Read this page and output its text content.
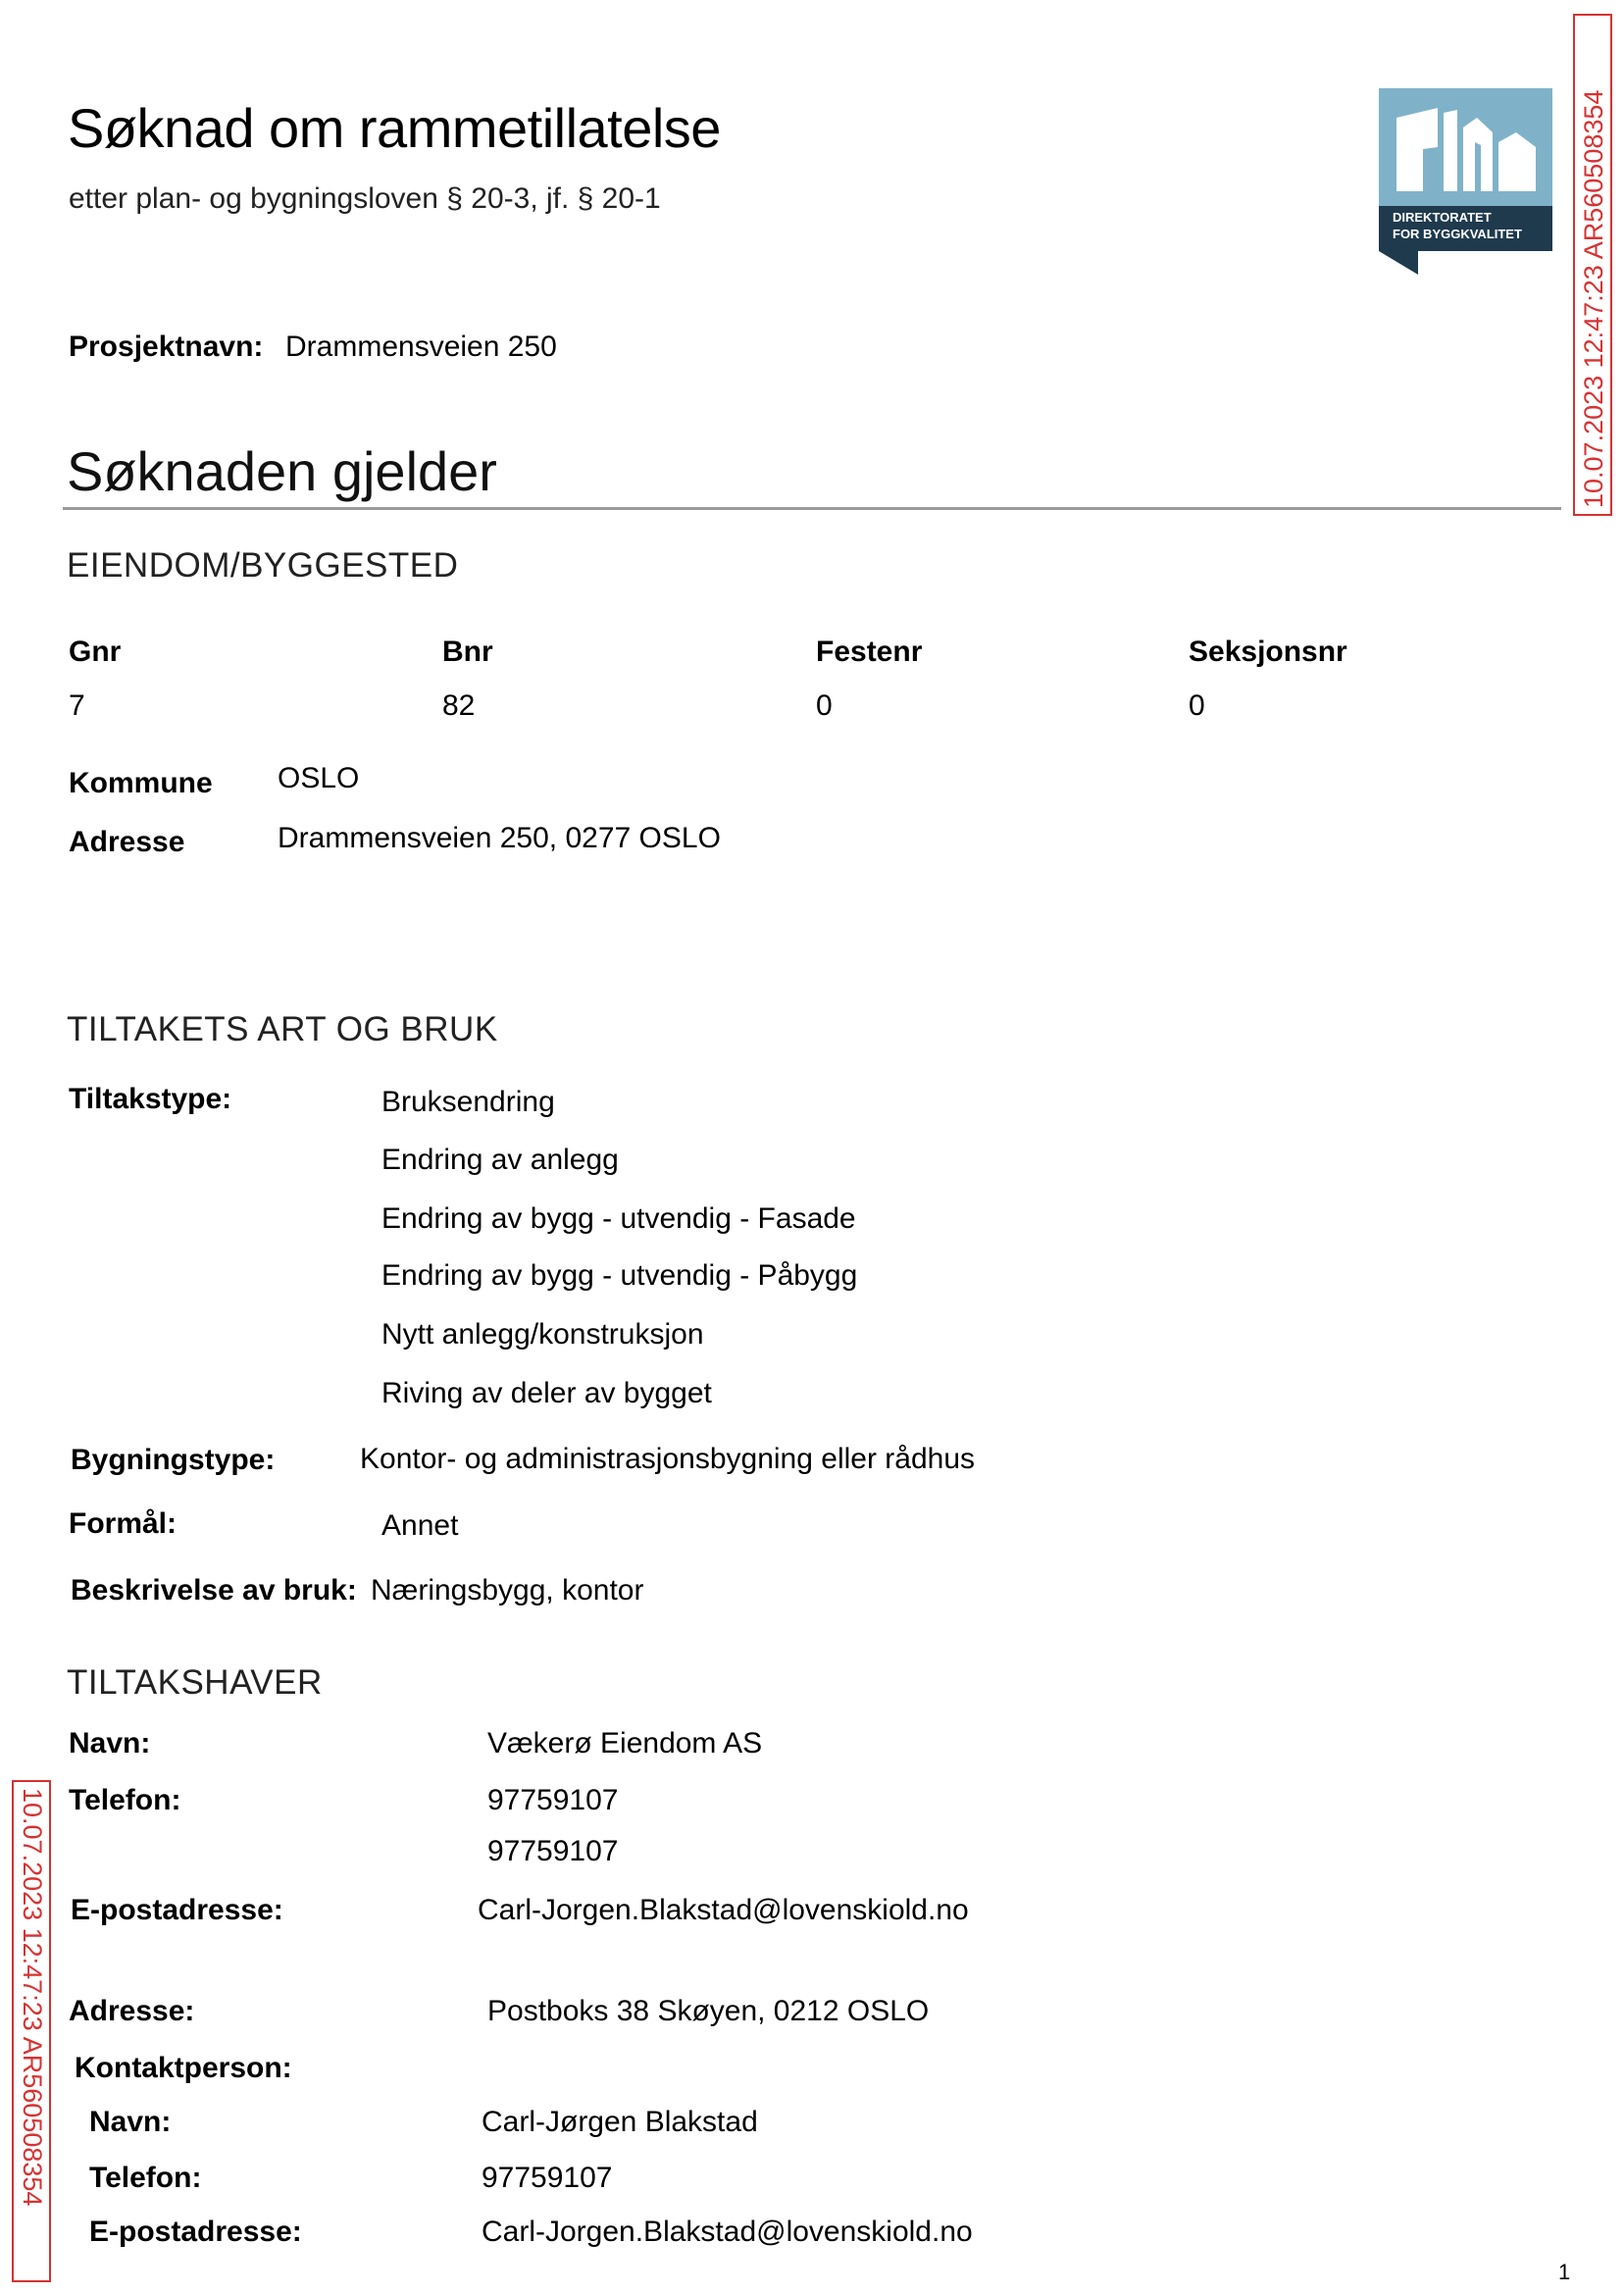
Søknad om rammetillatelse
etter plan- og bygningsloven § 20-3, jf. § 20-1
DIREKTORATET
FOR BYGGKVALITET
Prosjektnavn: Drammensveien 250
Søknaden gjelder
EIENDOM/BYGGESTED
Gnr	Bnr	Festenr	Seksjonsnr
7	82	0	0
Kommune OSLO
Adresse	Drammensveien 250, 0277 OSLO
TILTAKETS ART OG BRUK
Tiltakstype:	Bruksendring
Endring av anlegg
Endring av bygg - utvendig - Fasade
Endring av bygg - utvendig - Påbygg
Nytt anlegg/konstruksjon
Riving av deler av bygget
Bygningstype:	Kontor- og administrasjonsbygning eller rådhus
Formål:	Annet
Beskrivelse av bruk: Næringsbygg, kontor
TILTAKSHAVER
Navn:	Vækerø Eiendom AS
Telefon:	97759107
97759107
E-postadresse:	Carl-Jorgen.Blakstad@lovenskiold.no
Adresse:	Postboks 38 Skøyen, 0212 OSLO
Kontaktperson:
Navn:	Carl-Jørgen Blakstad
Telefon:	97759107
E-postadresse:	Carl-Jorgen.Blakstad@lovenskiold.no
1
10.07.2023 12:47:23 AR560508354
10.07.2023 12:47:23 AR560508354
